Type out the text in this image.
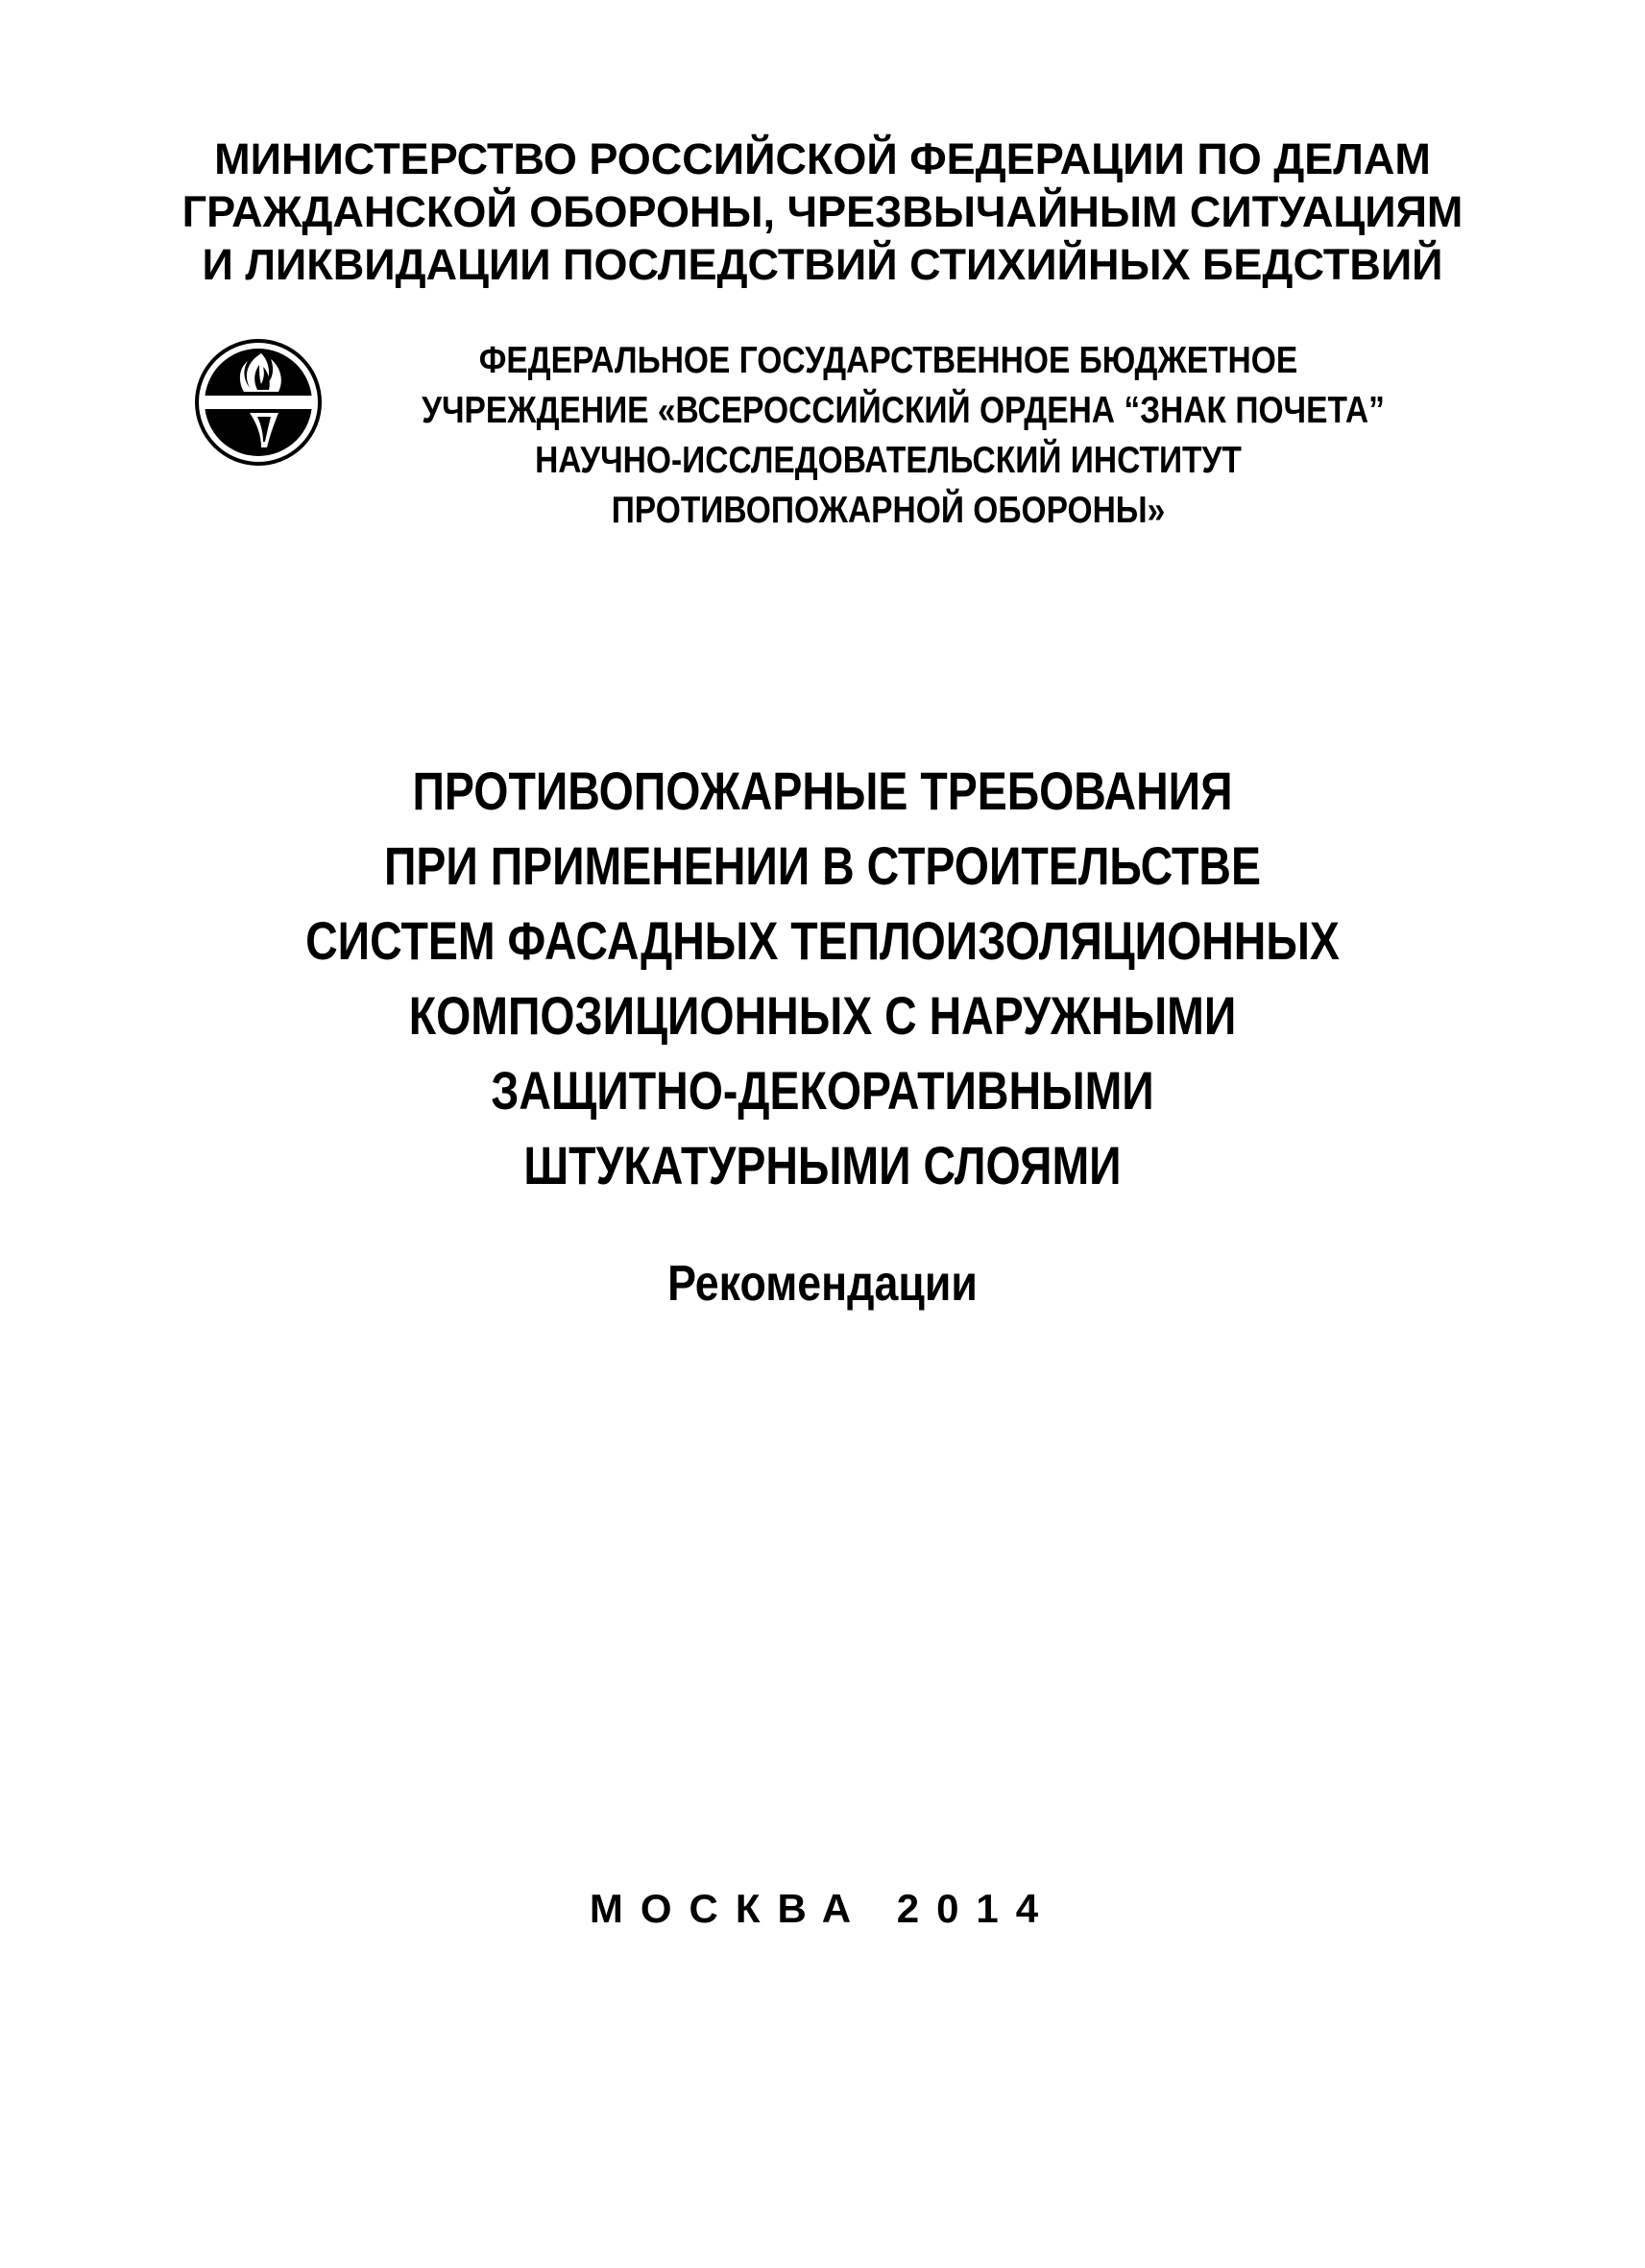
МИНИСТЕРСТВО РОССИЙСКОЙ ФЕДЕРАЦИИ ПО ДЕЛАМ
ГРАЖДАНСКОЙ ОБОРОНЫ, ЧРЕЗВЫЧАЙНЫМ СИТУАЦИЯМ
И ЛИКВИДАЦИИ ПОСЛЕДСТВИЙ СТИХИЙНЫХ БЕДСТВИЙ
ФЕДЕРАЛЬНОЕ ГОСУДАРСТВЕННОЕ БЮДЖЕТНОЕ
УЧРЕЖДЕНИЕ «ВСЕРОССИЙСКИЙ ОРДЕНА “ЗНАК ПОЧЕТА”
НАУЧНО-ИССЛЕДОВАТЕЛЬСКИЙ ИНСТИТУТ
ПРОТИВОПОЖАРНОЙ ОБОРОНЫ»
ПРОТИВОПОЖАРНЫЕ ТРЕБОВАНИЯ
ПРИ ПРИМЕНЕНИИ В СТРОИТЕЛЬСТВЕ
СИСТЕМ ФАСАДНЫХ ТЕПЛОИЗОЛЯЦИОННЫХ
КОМПОЗИЦИОННЫХ С НАРУЖНЫМИ
ЗАЩИТНО-ДЕКОРАТИВНЫМИ
ШТУКАТУРНЫМИ СЛОЯМИ
Рекомендации
МОСКВА 2014
